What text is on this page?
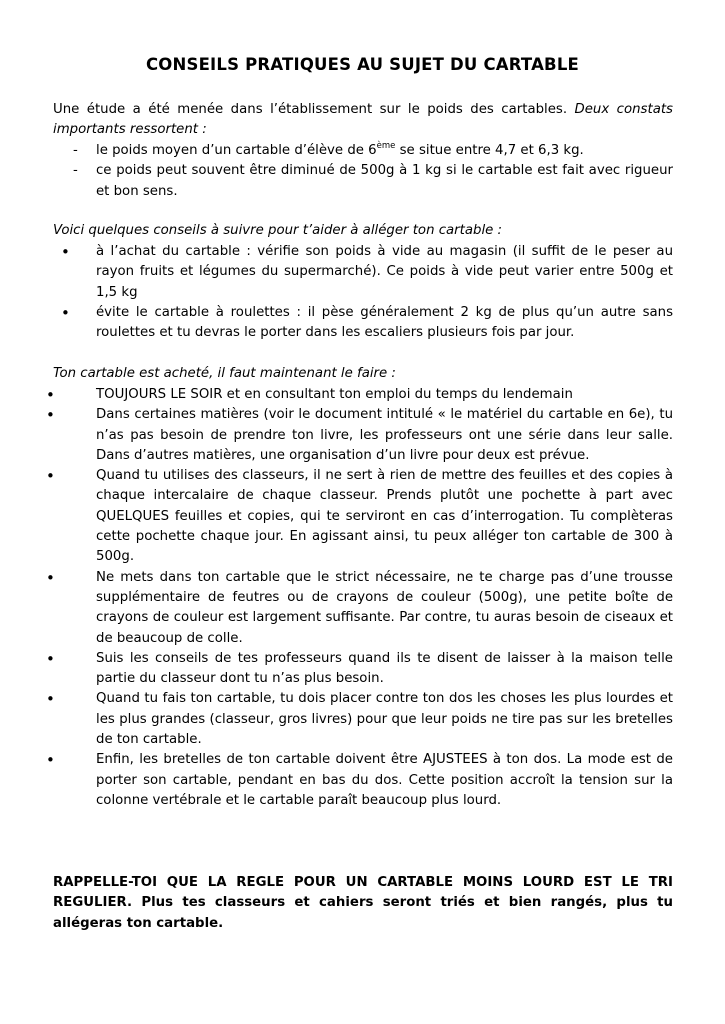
CONSEILS PRATIQUES AU SUJET DU CARTABLE
Une étude a été menée dans l’établissement sur le poids des cartables. Deux constats importants ressortent :
- le poids moyen d’un cartable d’élève de 6ème se situe entre 4,7 et 6,3 kg.
- ce poids peut souvent être diminué de 500g à 1 kg si le cartable est fait avec rigueur et bon sens.
Voici quelques conseils à suivre pour t’aider à alléger ton cartable :
• à l’achat du cartable : vérifie son poids à vide au magasin (il suffit de le peser au rayon fruits et légumes du supermarché). Ce poids à vide peut varier entre 500g et 1,5 kg
• évite le cartable à roulettes : il pèse généralement 2 kg de plus qu’un autre sans roulettes et tu devras le porter dans les escaliers plusieurs fois par jour.
Ton cartable est acheté, il faut maintenant le faire :
•	TOUJOURS LE SOIR et en consultant ton emploi du temps du lendemain
•	Dans certaines matières (voir le document intitulé « le matériel du cartable en 6e), tu n’as pas besoin de prendre ton livre, les professeurs ont une série dans leur salle. Dans d’autres matières, une organisation d’un livre pour deux est prévue.
•	Quand tu utilises des classeurs, il ne sert à rien de mettre des feuilles et des copies à chaque intercalaire de chaque classeur. Prends plutôt une pochette à part avec QUELQUES feuilles et copies, qui te serviront en cas d’interrogation. Tu complèteras cette pochette chaque jour. En agissant ainsi, tu peux alléger ton cartable de 300 à 500g.
•	Ne mets dans ton cartable que le strict nécessaire, ne te charge pas d’une trousse supplémentaire de feutres ou de crayons de couleur (500g), une petite boîte de crayons de couleur est largement suffisante. Par contre, tu auras besoin de ciseaux et de beaucoup de colle.
•	Suis les conseils de tes professeurs quand ils te disent de laisser à la maison telle partie du classeur dont tu n’as plus besoin.
•	Quand tu fais ton cartable, tu dois placer contre ton dos les choses les plus lourdes et les plus grandes (classeur, gros livres) pour que leur poids ne tire pas sur les bretelles de ton cartable.
•	Enfin, les bretelles de ton cartable doivent être AJUSTEES à ton dos. La mode est de porter son cartable, pendant en bas du dos. Cette position accroît la tension sur la colonne vertébrale et le cartable paraît beaucoup plus lourd.
RAPPELLE-TOI QUE LA REGLE POUR UN CARTABLE MOINS LOURD EST LE TRI REGULIER. Plus tes classeurs et cahiers seront triés et bien rangés, plus tu allégeras ton cartable.
